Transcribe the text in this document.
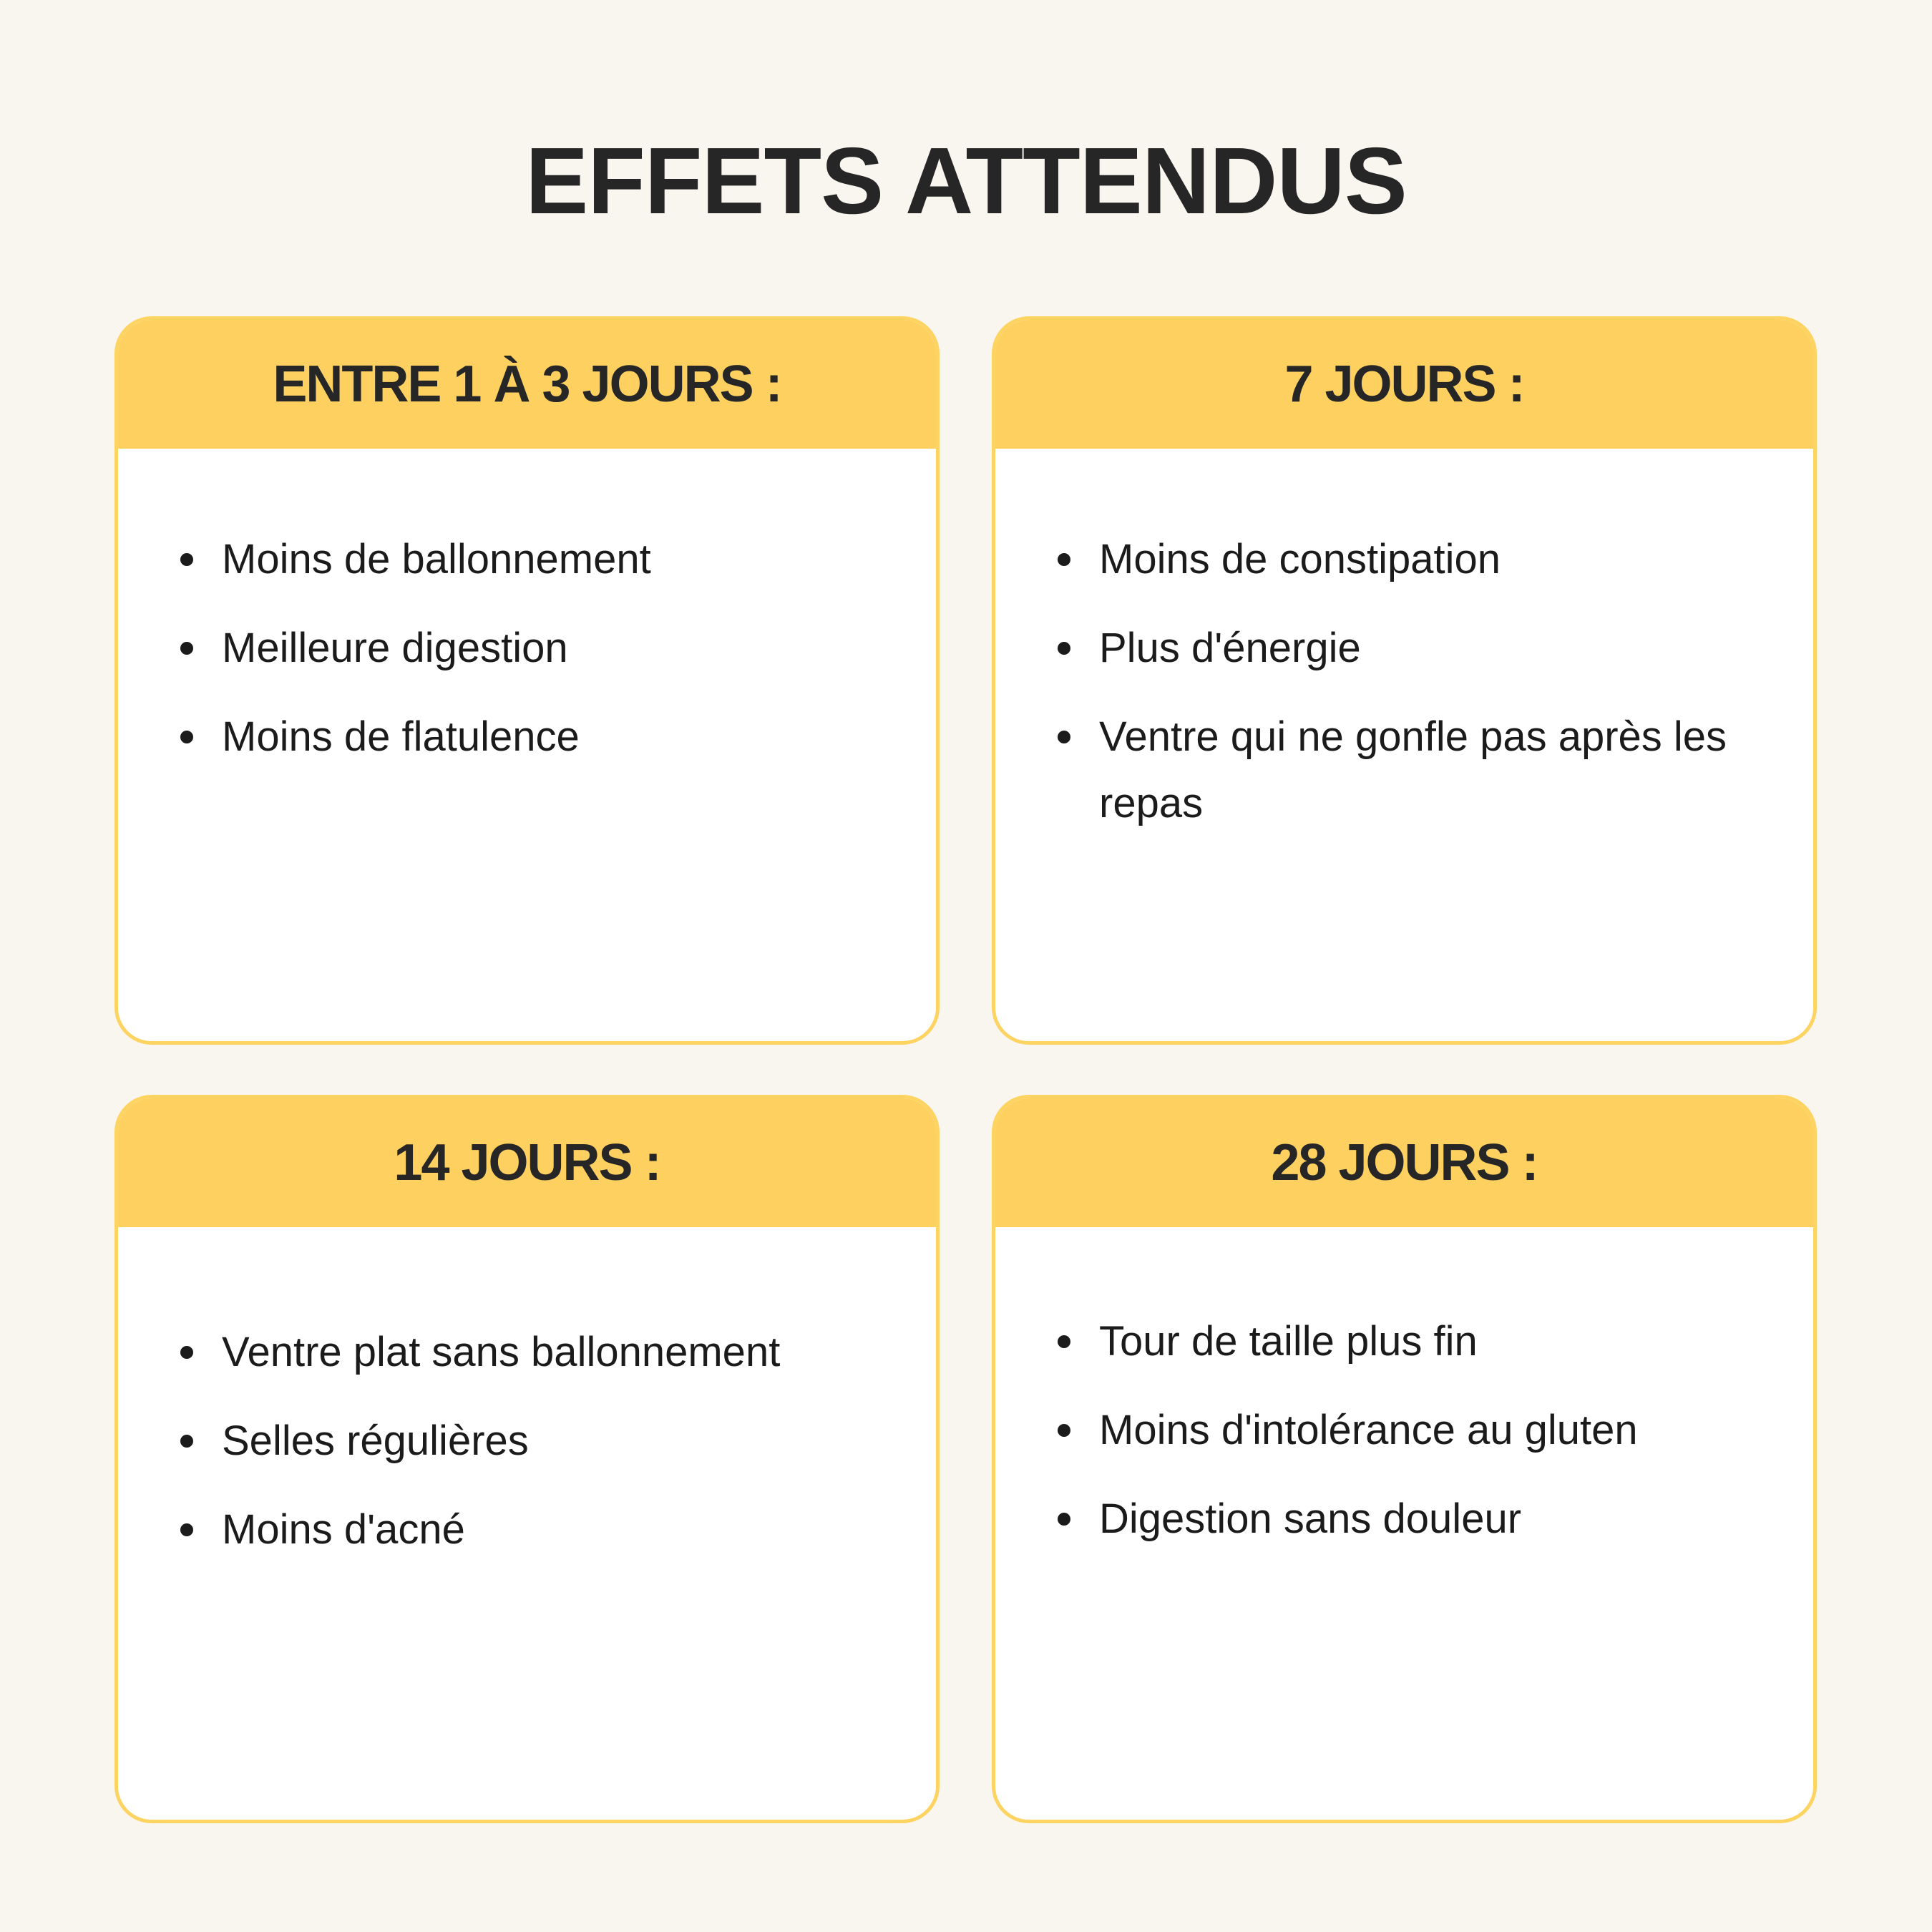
EFFETS ATTENDUS
ENTRE 1 À 3 JOURS :
Moins de ballonnement
Meilleure digestion
Moins de flatulence
7 JOURS :
Moins de constipation
Plus d'énergie
Ventre qui ne gonfle pas après les repas
14 JOURS :
Ventre plat sans ballonnement
Selles régulières
Moins d'acné
28 JOURS :
Tour de taille plus fin
Moins d'intolérance au gluten
Digestion sans douleur
